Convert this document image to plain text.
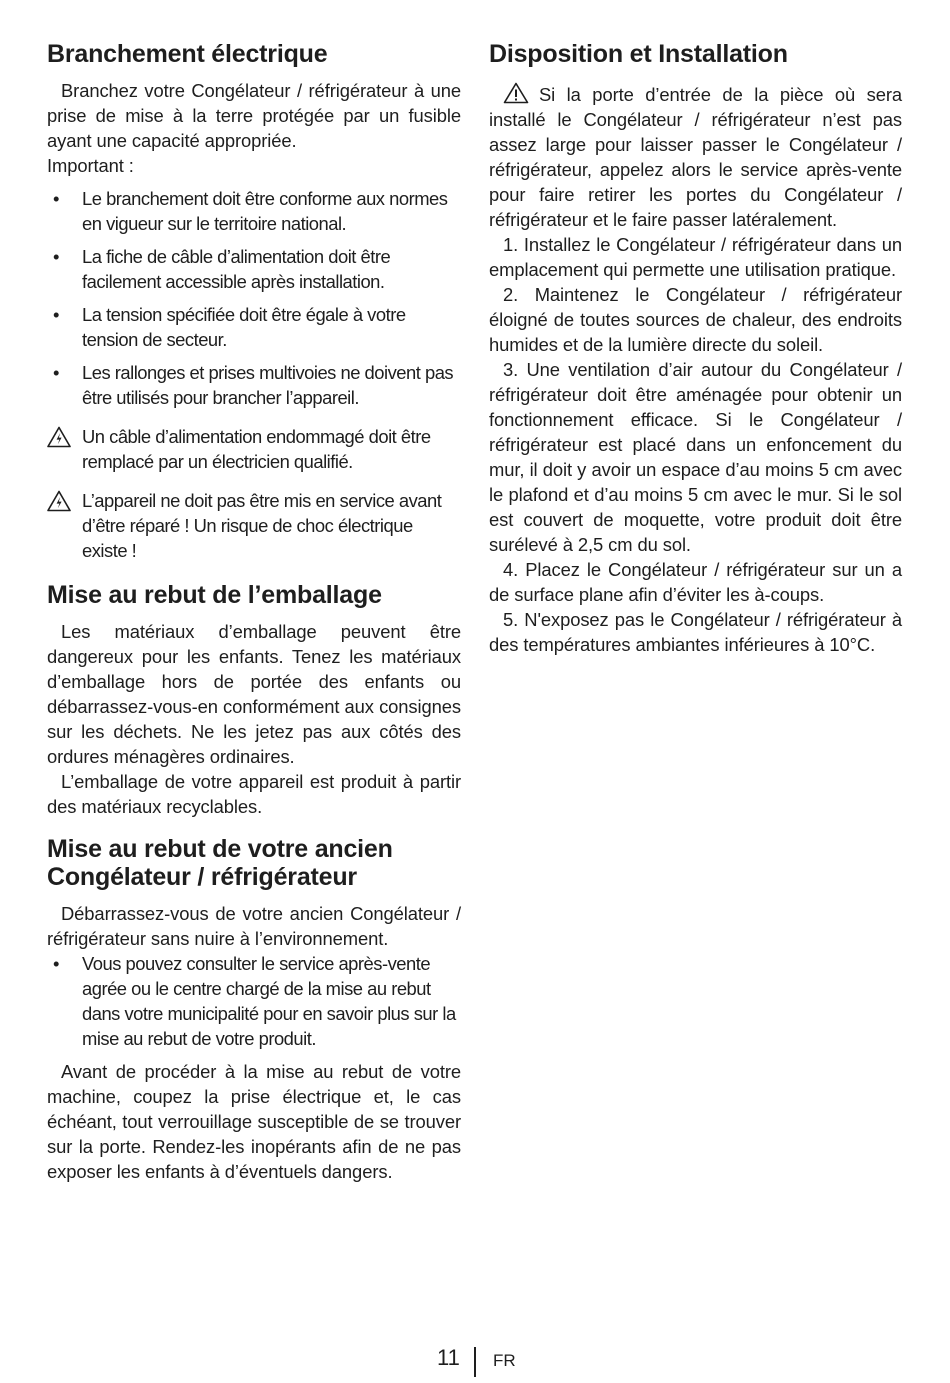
Branchement électrique

Branchez votre Congélateur / réfrigérateur à une prise de mise à la terre protégée par un fusible ayant une capacité appropriée.

Important :

• Le branchement doit être conforme aux normes en vigueur sur le territoire national.
• La fiche de câble d’alimentation doit être facilement accessible après installation.
• La tension spécifiée doit être égale à votre tension de secteur.
• Les rallonges et prises multivoies ne doivent pas être utilisés pour brancher l’appareil.
Un câble d’alimentation endommagé doit être remplacé par un électricien qualifié.
L’appareil ne doit pas être mis en service avant d’être réparé ! Un risque de choc électrique existe !
Mise au rebut de l’emballage

Les matériaux d’emballage peuvent être dangereux pour les enfants. Tenez les matériaux d’emballage hors de portée des enfants ou débarrassez-vous-en conformément aux consignes sur les déchets. Ne les jetez pas aux côtés des ordures ménagères ordinaires.

L’emballage de votre appareil est produit à partir des matériaux recyclables.

Mise au rebut de votre ancien Congélateur / réfrigérateur

Débarrassez-vous de votre ancien Congélateur / réfrigérateur sans nuire à l’environnement.

• Vous pouvez consulter le service après-vente agrée ou le centre chargé de la mise au rebut dans votre municipalité pour en savoir plus sur la mise au rebut de votre produit.

Avant de procéder à la mise au rebut de votre machine, coupez la prise électrique et, le cas échéant, tout verrouillage susceptible de se trouver sur la porte. Rendez-les inopérants afin de ne pas exposer les enfants à d’éventuels dangers.

Disposition et Installation

Si la porte d’entrée de la pièce où sera installé le Congélateur / réfrigérateur n’est pas assez large pour laisser passer le Congélateur / réfrigérateur, appelez alors le service après-vente pour faire retirer les portes du Congélateur / réfrigérateur et le faire passer latéralement.

1. Installez le Congélateur / réfrigérateur dans un emplacement qui permette une utilisation pratique.

2. Maintenez le Congélateur / réfrigérateur éloigné de toutes sources de chaleur, des endroits humides et de la lumière directe du soleil.

3. Une ventilation d’air autour du Congélateur / réfrigérateur doit être aménagée pour obtenir un fonctionnement efficace. Si le Congélateur / réfrigérateur est placé dans un enfoncement du mur, il doit y avoir un espace d’au moins 5 cm avec le plafond et d’au moins 5 cm avec le mur. Si le sol est couvert de moquette, votre produit doit être surélevé à 2,5 cm du sol.

4. Placez le Congélateur / réfrigérateur sur un a de surface plane afin d’éviter les à-coups.

5. N'exposez pas le Congélateur / réfrigérateur à des températures ambiantes inférieures à 10°C.

11 FR
